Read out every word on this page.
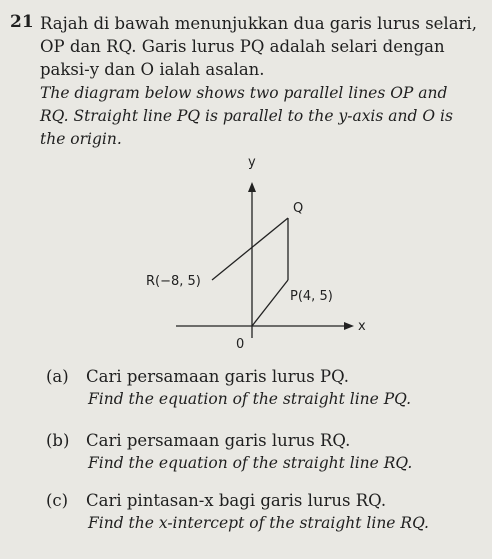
21 Rajah di bawah menunjukkan dua garis lurus selari, OP dan RQ. Garis lurus PQ adalah selari dengan paksi-y dan O ialah asalan.
The diagram below shows two parallel lines OP and RQ. Straight line PQ is parallel to the y-axis and O is the origin.
y
x
0
Q
R(−8, 5)
P(4, 5)
(a) Cari persamaan garis lurus PQ.
Find the equation of the straight line PQ.
(b) Cari persamaan garis lurus RQ.
Find the equation of the straight line RQ.
(c) Cari pintasan-x bagi garis lurus RQ.
Find the x-intercept of the straight line RQ.
